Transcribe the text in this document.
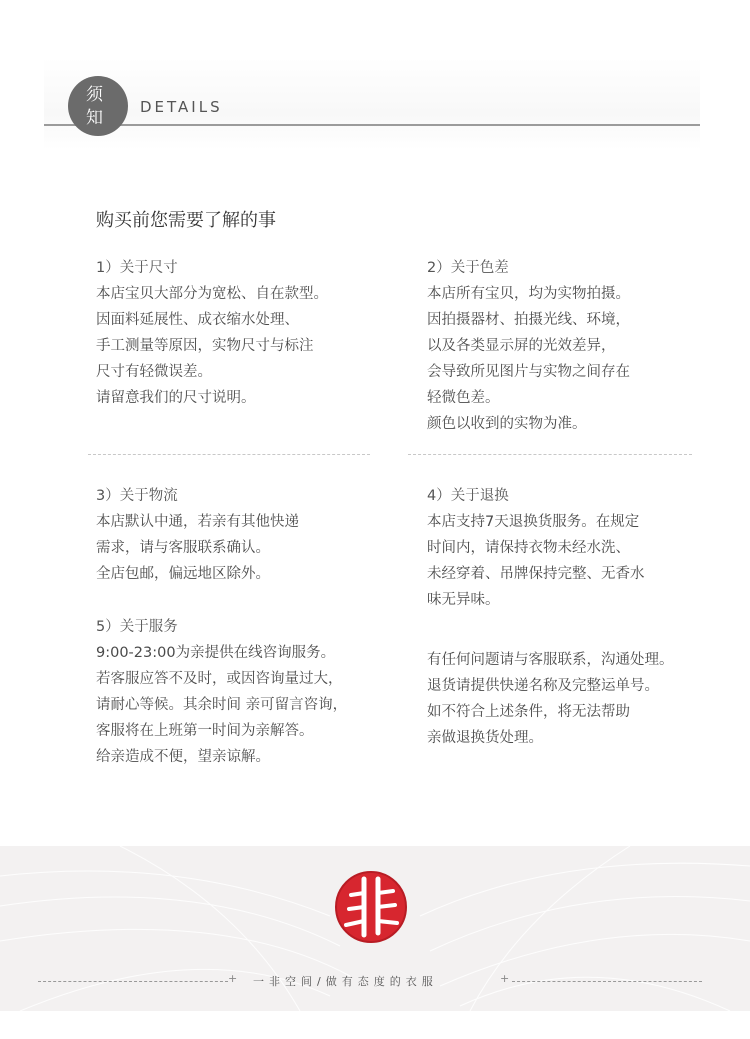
须
知
DETAILS
购买前您需要了解的事

1）关于尺寸

本店宝贝大部分为宽松、自在款型。

因面料延展性、成衣缩水处理、

手工测量等原因，实物尺寸与标注

尺寸有轻微误差。

请留意我们的尺寸说明。

2）关于色差

本店所有宝贝，均为实物拍摄。

因拍摄器材、拍摄光线、环境，

以及各类显示屏的光效差异，

会导致所见图片与实物之间存在

轻微色差。

颜色以收到的实物为准。

3）关于物流

本店默认中通，若亲有其他快递

需求，请与客服联系确认。

全店包邮，偏远地区除外。

4）关于退换

本店支持7天退换货服务。在规定

时间内，请保持衣物未经水洗、

未经穿着、吊牌保持完整、无香水

味无异味。

5）关于服务

9:00-23:00为亲提供在线咨询服务。

若客服应答不及时，或因咨询量过大，

请耐心等候。其余时间 亲可留言咨询，

客服将在上班第一时间为亲解答。

给亲造成不便，望亲谅解。

有任何问题请与客服联系，沟通处理。

退货请提供快递名称及完整运单号。

如不符合上述条件，将无法帮助

亲做退换货处理。

+ 一非空间/做有态度的衣服	+
